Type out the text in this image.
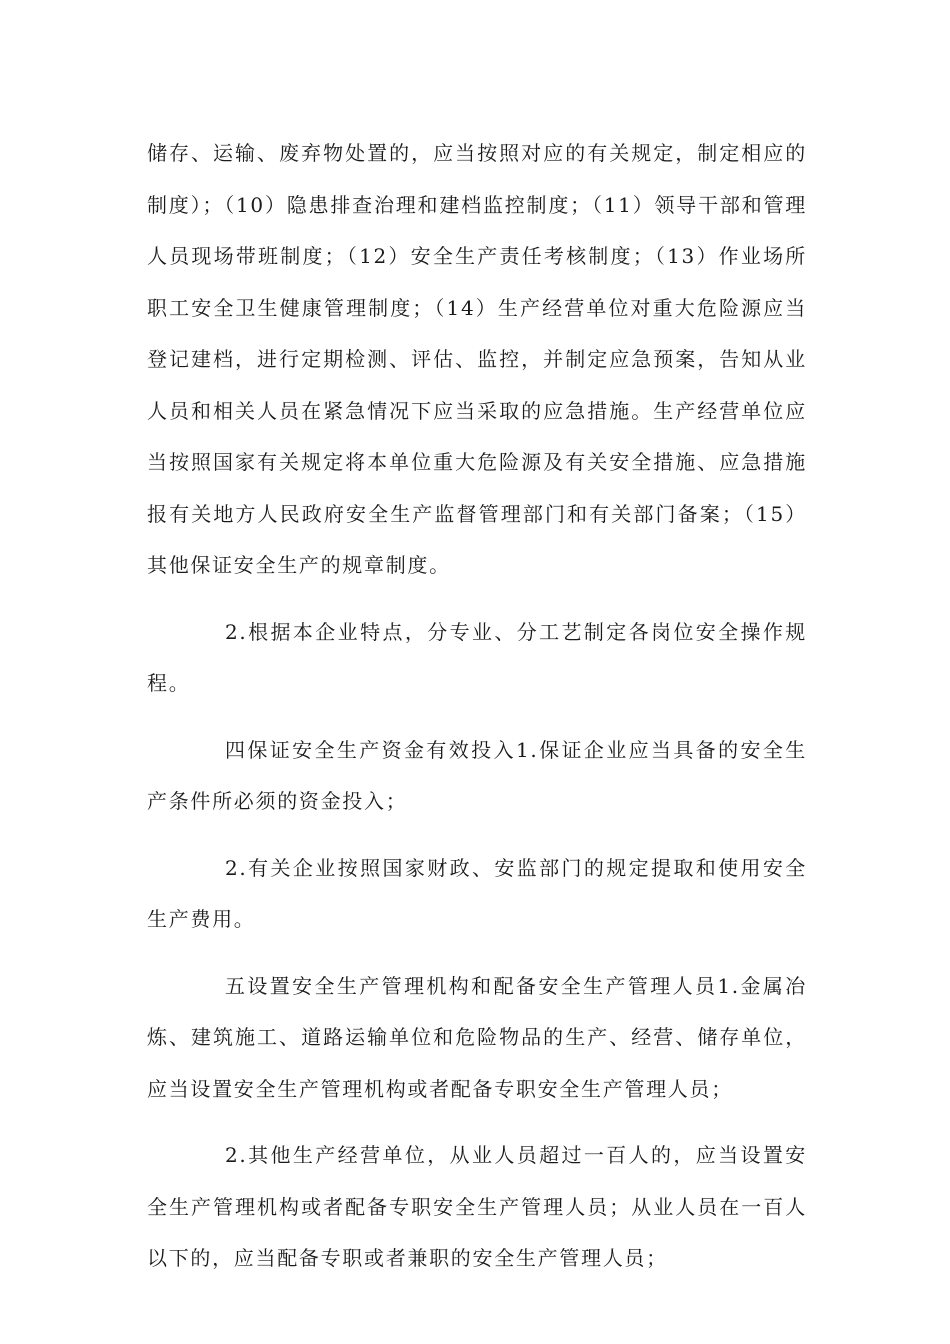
储存、运输、废弃物处置的，应当按照对应的有关规定，制定相应的制度）；（10）隐患排查治理和建档监控制度；（11）领导干部和管理人员现场带班制度；（12）安全生产责任考核制度；（13）作业场所职工安全卫生健康管理制度；（14）生产经营单位对重大危险源应当登记建档，进行定期检测、评估、监控，并制定应急预案，告知从业人员和相关人员在紧急情况下应当采取的应急措施。生产经营单位应当按照国家有关规定将本单位重大危险源及有关安全措施、应急措施报有关地方人民政府安全生产监督管理部门和有关部门备案；（15）其他保证安全生产的规章制度。

2.根据本企业特点，分专业、分工艺制定各岗位安全操作规程。

四保证安全生产资金有效投入1.保证企业应当具备的安全生产条件所必须的资金投入；

2.有关企业按照国家财政、安监部门的规定提取和使用安全生产费用。

五设置安全生产管理机构和配备安全生产管理人员1.金属冶炼、建筑施工、道路运输单位和危险物品的生产、经营、储存单位，应当设置安全生产管理机构或者配备专职安全生产管理人员；

2.其他生产经营单位，从业人员超过一百人的，应当设置安全生产管理机构或者配备专职安全生产管理人员；从业人员在一百人以下的，应当配备专职或者兼职的安全生产管理人员；
